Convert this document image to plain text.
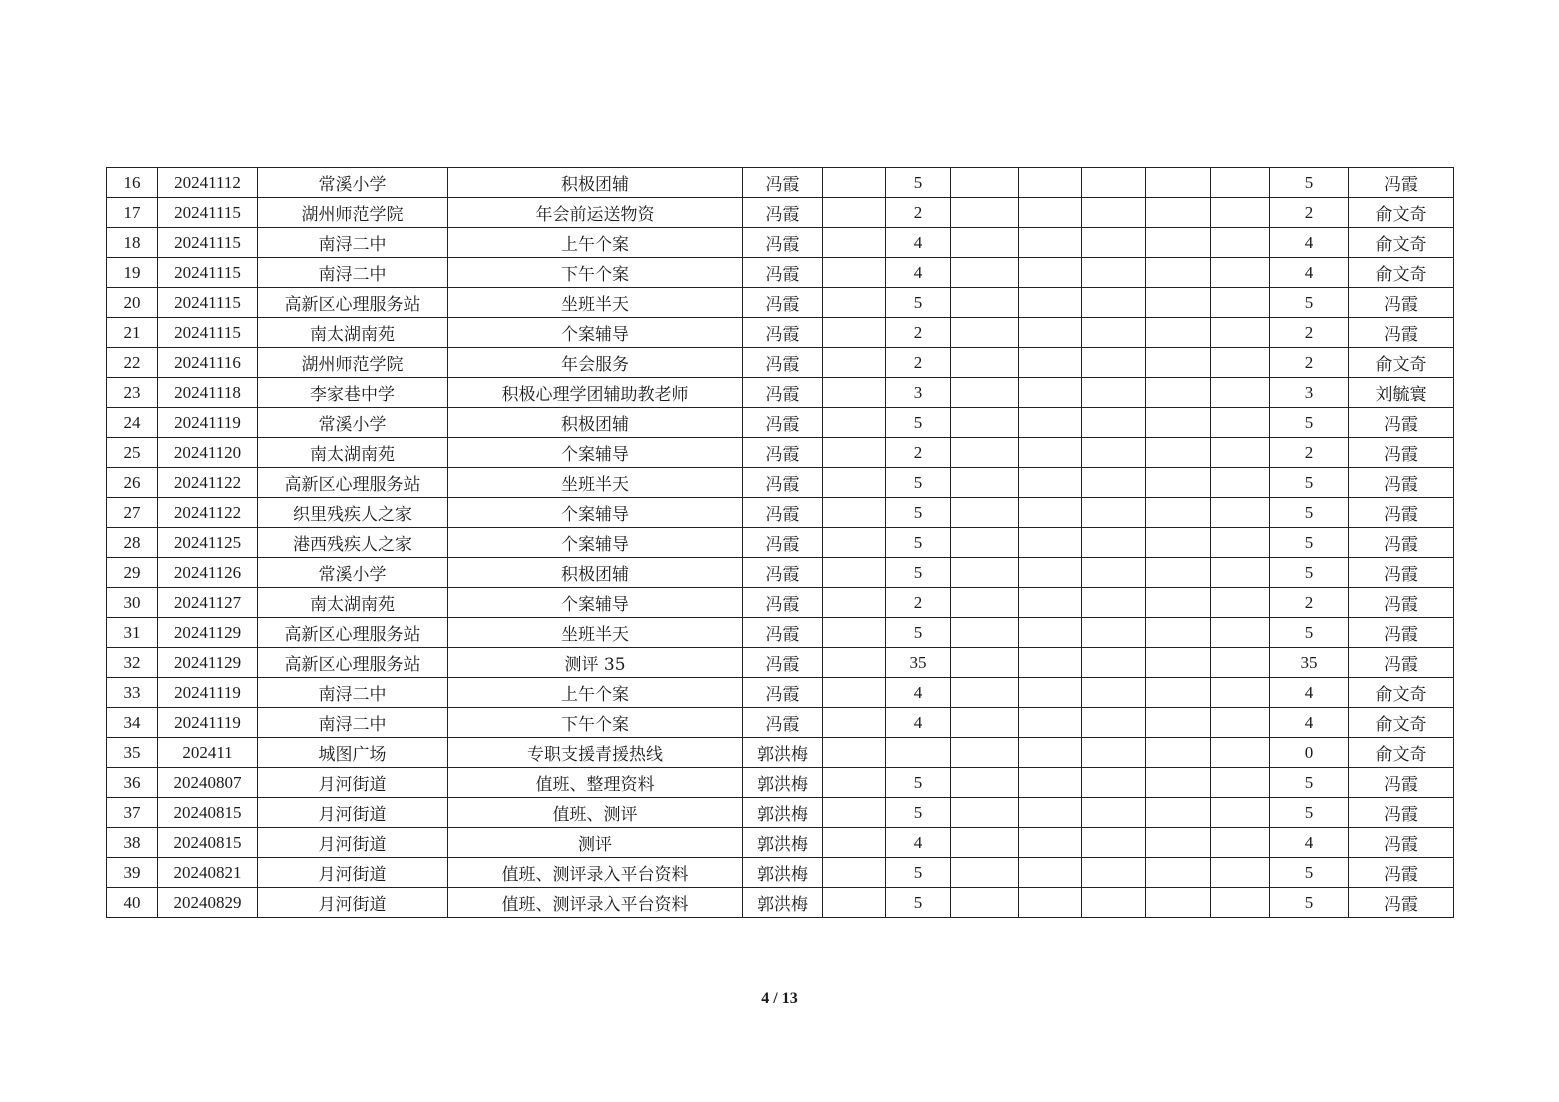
16	20241112	常溪小学	积极团辅	冯霞		5						5	冯霞
17	20241115	湖州师范学院	年会前运送物资	冯霞		2						2	俞文奇
18	20241115	南浔二中	上午个案	冯霞		4						4	俞文奇
19	20241115	南浔二中	下午个案	冯霞		4						4	俞文奇
20	20241115	高新区心理服务站	坐班半天	冯霞		5						5	冯霞
21	20241115	南太湖南苑	个案辅导	冯霞		2						2	冯霞
22	20241116	湖州师范学院	年会服务	冯霞		2						2	俞文奇
23	20241118	李家巷中学	积极心理学团辅助教老师	冯霞		3						3	刘毓寰
24	20241119	常溪小学	积极团辅	冯霞		5						5	冯霞
25	20241120	南太湖南苑	个案辅导	冯霞		2						2	冯霞
26	20241122	高新区心理服务站	坐班半天	冯霞		5						5	冯霞
27	20241122	织里残疾人之家	个案辅导	冯霞		5						5	冯霞
28	20241125	港西残疾人之家	个案辅导	冯霞		5						5	冯霞
29	20241126	常溪小学	积极团辅	冯霞		5						5	冯霞
30	20241127	南太湖南苑	个案辅导	冯霞		2						2	冯霞
31	20241129	高新区心理服务站	坐班半天	冯霞		5						5	冯霞
32	20241129	高新区心理服务站	测评 35	冯霞		35						35	冯霞
33	20241119	南浔二中	上午个案	冯霞		4						4	俞文奇
34	20241119	南浔二中	下午个案	冯霞		4						4	俞文奇
35	202411	城图广场	专职支援青援热线	郭洪梅								0	俞文奇
36	20240807	月河街道	值班、整理资料	郭洪梅		5						5	冯霞
37	20240815	月河街道	值班、测评	郭洪梅		5						5	冯霞
38	20240815	月河街道	测评	郭洪梅		4						4	冯霞
39	20240821	月河街道	值班、测评录入平台资料	郭洪梅		5						5	冯霞
40	20240829	月河街道	值班、测评录入平台资料	郭洪梅		5						5	冯霞
4 / 13
